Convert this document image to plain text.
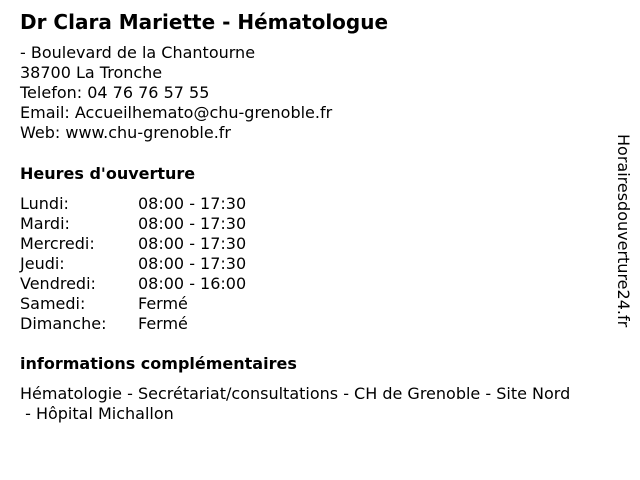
Dr Clara Mariette - Hématologue
- Boulevard de la Chantourne
38700 La Tronche
Telefon: 04 76 76 57 55
Email: Accueilhemato@chu-grenoble.fr
Web: www.chu-grenoble.fr
Heures d'ouverture
Lundi:	08:00 - 17:30
Mardi:	08:00 - 17:30
Mercredi:	08:00 - 17:30
Jeudi:	08:00 - 17:30
Vendredi:	08:00 - 16:00
Samedi:	Fermé
Dimanche: Fermé
informations complémentaires
Hématologie - Secrétariat/consultations - CH de Grenoble - Site Nord
- Hôpital Michallon
Horairesdouverture24.fr
